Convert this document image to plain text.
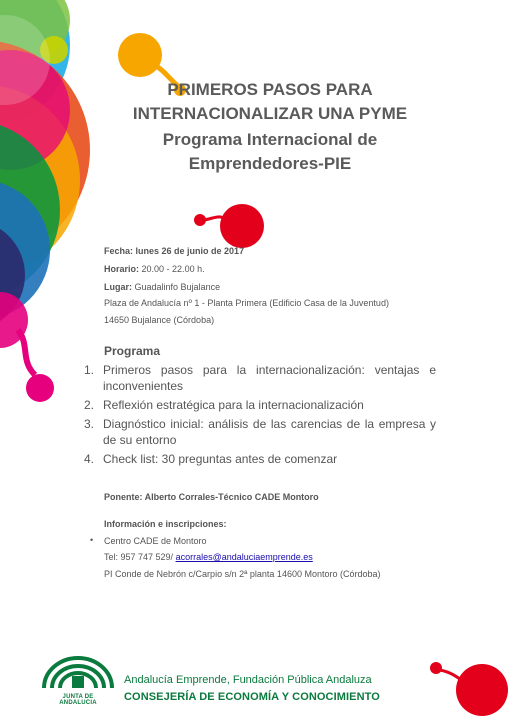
PRIMEROS PASOS PARA
INTERNACIONALIZAR UNA PYME
Programa Internacional de
Emprendedores-PIE
Fecha: lunes 26 de junio de 2017
Horario: 20.00 - 22.00 h.
Lugar: Guadalinfo Bujalance
Plaza de Andalucía nº 1 - Planta Primera (Edificio Casa de la Juventud)
14650 Bujalance (Córdoba)
Programa
1. Primeros pasos para la internacionalización: ventajas e inconvenientes
2. Reflexión estratégica para la internacionalización
3. Diagnóstico inicial: análisis de las carencias de la empresa y de su entorno
4. Check list: 30 preguntas antes de comenzar
Ponente: Alberto Corrales-Técnico CADE Montoro
Información e inscripciones:
• Centro CADE de Montoro
Tel: 957 747 529/ acorrales@andaluciaemprende.es
PI Conde de Nebrón c/Carpio s/n 2ª planta 14600 Montoro (Córdoba)
JUNTA DE ANDALUCIA
Andalucía Emprende, Fundación Pública Andaluza
CONSEJERÍA DE ECONOMÍA Y CONOCIMIENTO
